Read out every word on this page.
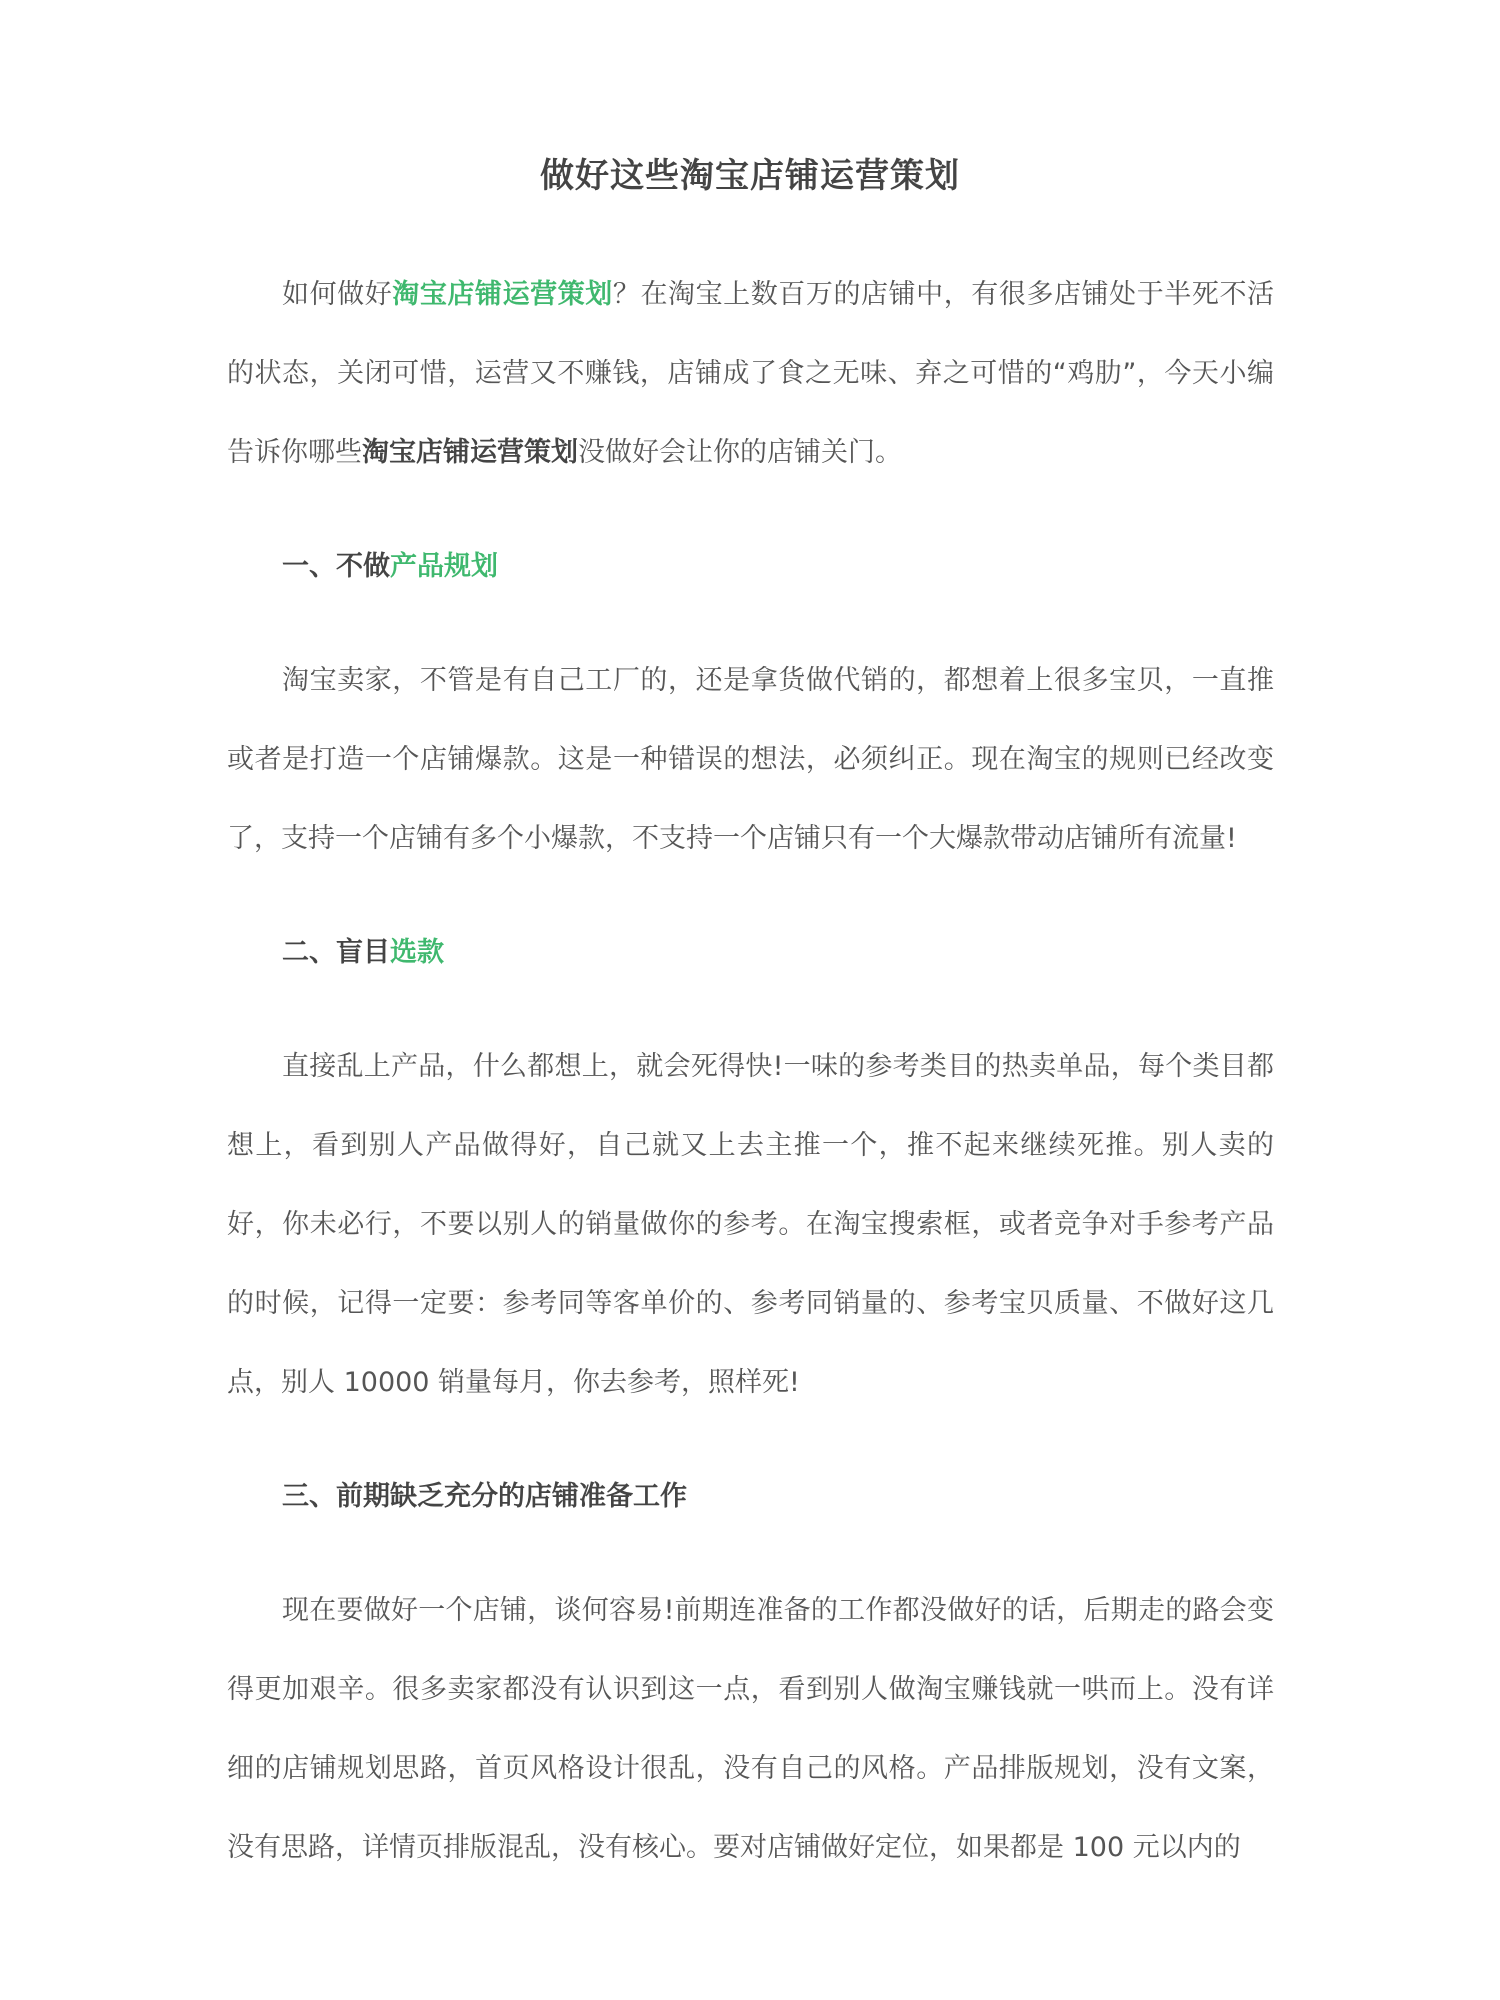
做好这些淘宝店铺运营策划

如何做好淘宝店铺运营策划？在淘宝上数百万的店铺中，有很多店铺处于半死不活的状态，关闭可惜，运营又不赚钱，店铺成了食之无味、弃之可惜的“鸡肋”，今天小编告诉你哪些淘宝店铺运营策划没做好会让你的店铺关门。

一、不做产品规划

淘宝卖家，不管是有自己工厂的，还是拿货做代销的，都想着上很多宝贝，一直推或者是打造一个店铺爆款。这是一种错误的想法，必须纠正。现在淘宝的规则已经改变了，支持一个店铺有多个小爆款，不支持一个店铺只有一个大爆款带动店铺所有流量!

二、盲目选款

直接乱上产品，什么都想上，就会死得快!一味的参考类目的热卖单品，每个类目都想上，看到别人产品做得好，自己就又上去主推一个，推不起来继续死推。别人卖的好，你未必行，不要以别人的销量做你的参考。在淘宝搜索框，或者竞争对手参考产品的时候，记得一定要：参考同等客单价的、参考同销量的、参考宝贝质量、不做好这几点，别人 10000 销量每月，你去参考，照样死!

三、前期缺乏充分的店铺准备工作

现在要做好一个店铺，谈何容易!前期连准备的工作都没做好的话，后期走的路会变得更加艰辛。很多卖家都没有认识到这一点，看到别人做淘宝赚钱就一哄而上。没有详细的店铺规划思路，首页风格设计很乱，没有自己的风格。产品排版规划，没有文案，没有思路，详情页排版混乱，没有核心。要对店铺做好定位，如果都是 100 元以内的
